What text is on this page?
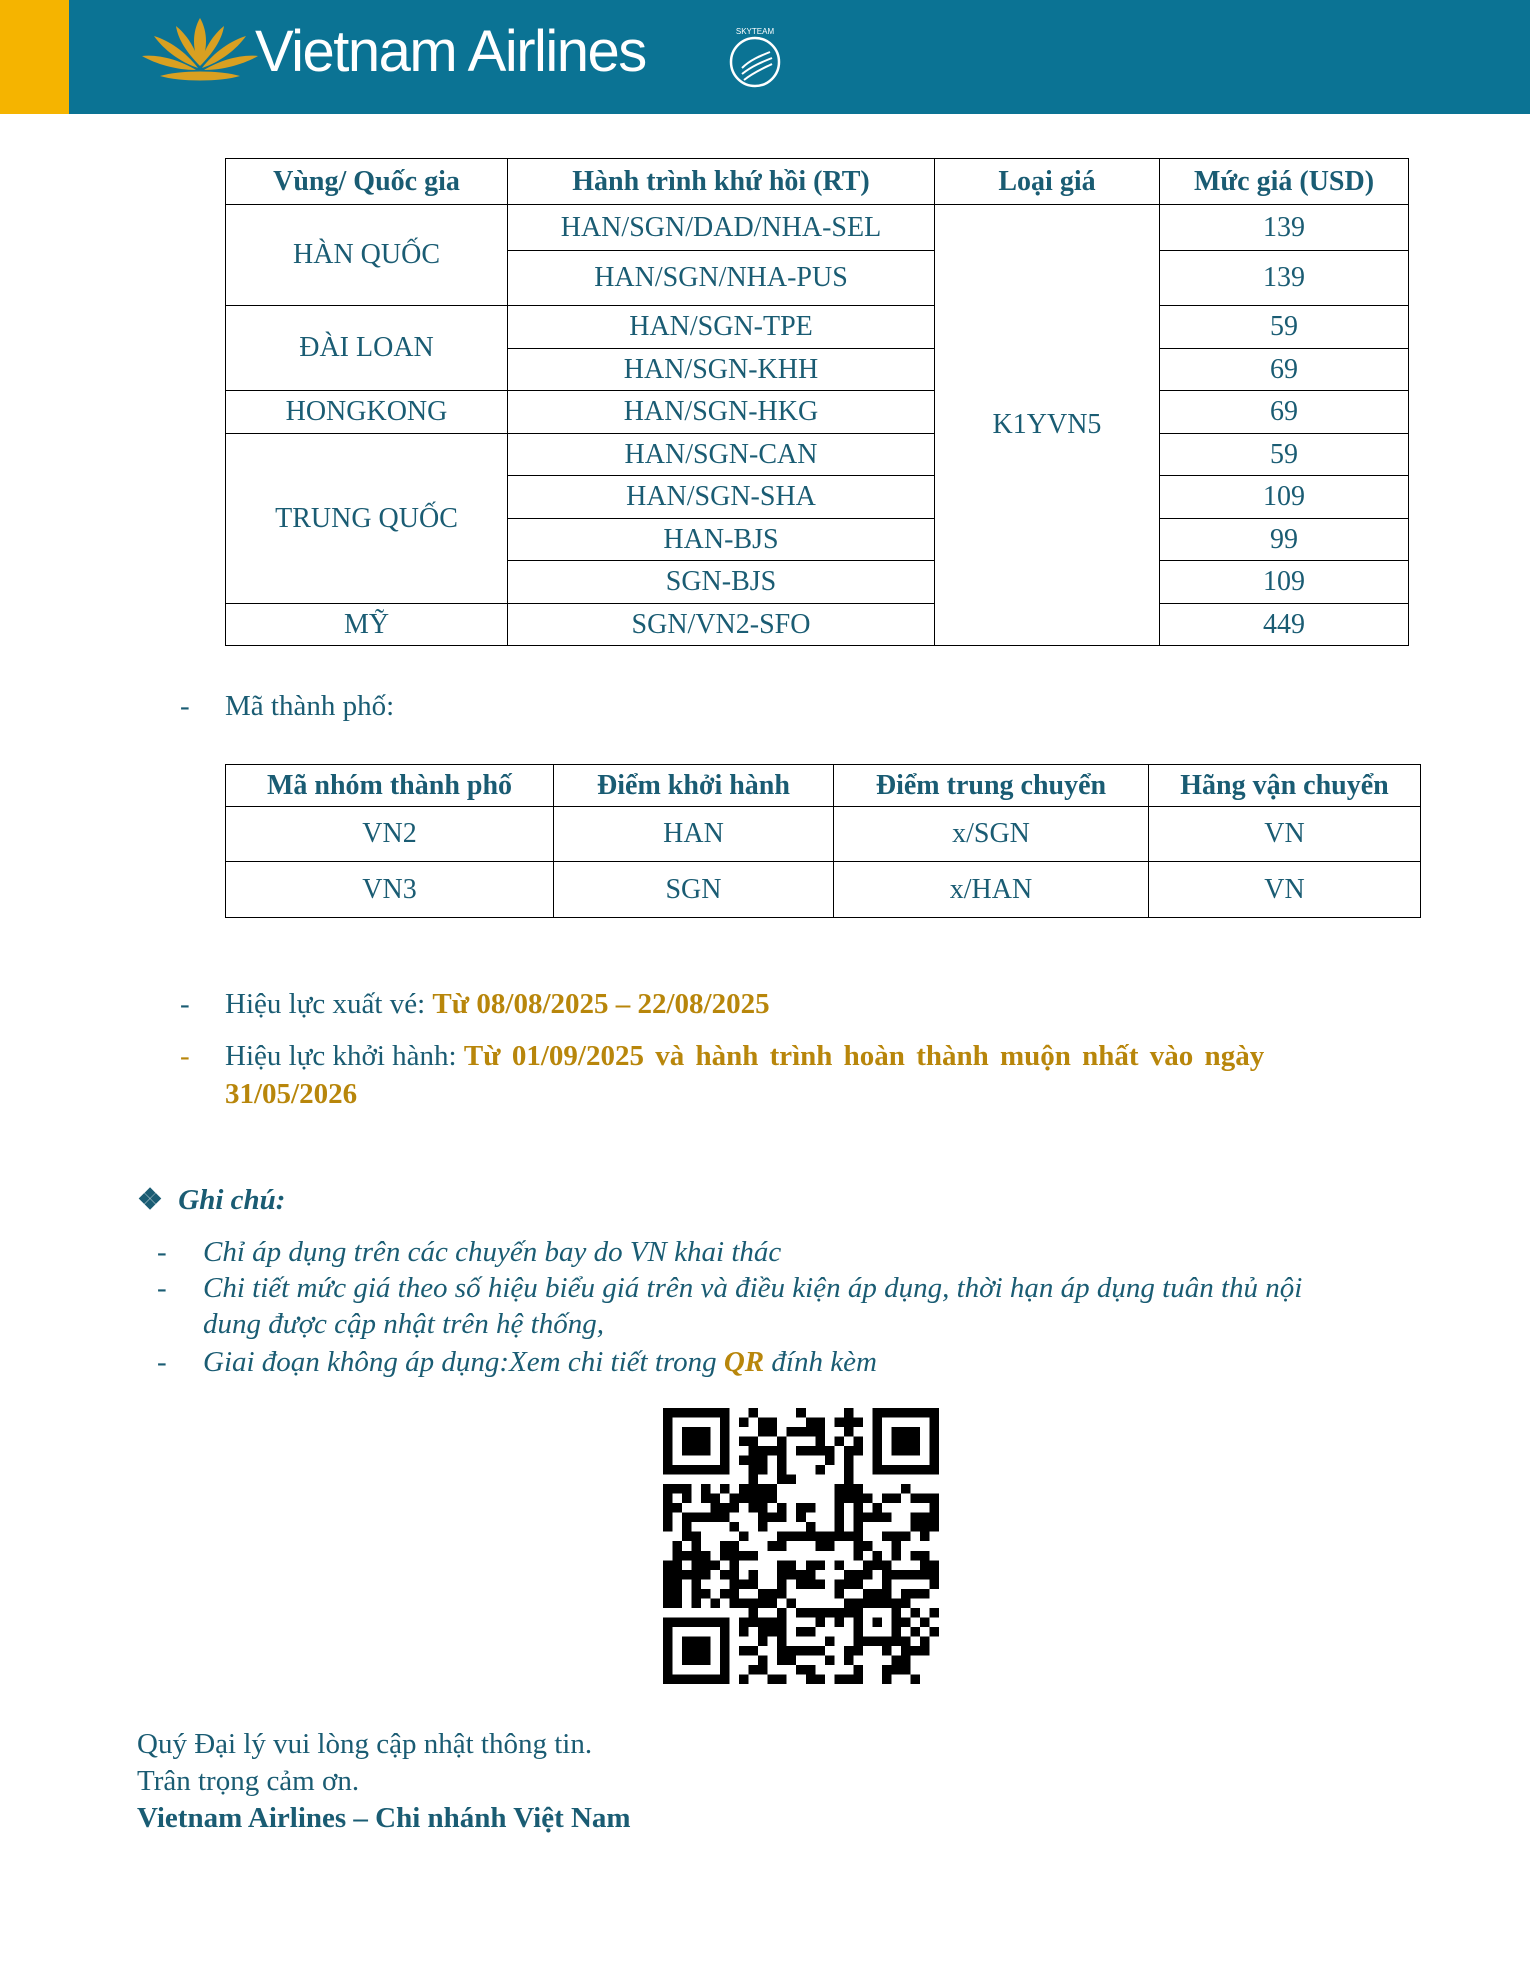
Vietnam Airlines	SKYTEAM
Vùng/ Quốc gia	Hành trình khứ hồi (RT)	Loại giá	Mức giá (USD)
HÀN QUỐC	HAN/SGN/DAD/NHA-SEL	K1YVN5	139
	HAN/SGN/NHA-PUS		139
ĐÀI LOAN	HAN/SGN-TPE		59
	HAN/SGN-KHH		69
HONGKONG	HAN/SGN-HKG		69
TRUNG QUỐC	HAN/SGN-CAN		59
	HAN/SGN-SHA		109
	HAN-BJS		99
	SGN-BJS		109
MỸ	SGN/VN2-SFO		449
- Mã thành phố:
Mã nhóm thành phố	Điểm khởi hành	Điểm trung chuyển	Hãng vận chuyển
VN2	HAN	x/SGN	VN
VN3	SGN	x/HAN	VN
- Hiệu lực xuất vé: Từ 08/08/2025 – 22/08/2025
- Hiệu lực khởi hành: Từ 01/09/2025 và hành trình hoàn thành muộn nhất vào ngày
31/05/2026
❖ Ghi chú:
- Chỉ áp dụng trên các chuyến bay do VN khai thác
- Chi tiết mức giá theo số hiệu biểu giá trên và điều kiện áp dụng, thời hạn áp dụng tuân thủ nội
dung được cập nhật trên hệ thống,
- Giai đoạn không áp dụng:Xem chi tiết trong QR đính kèm
Quý Đại lý vui lòng cập nhật thông tin.
Trân trọng cảm ơn.
Vietnam Airlines – Chi nhánh Việt Nam
